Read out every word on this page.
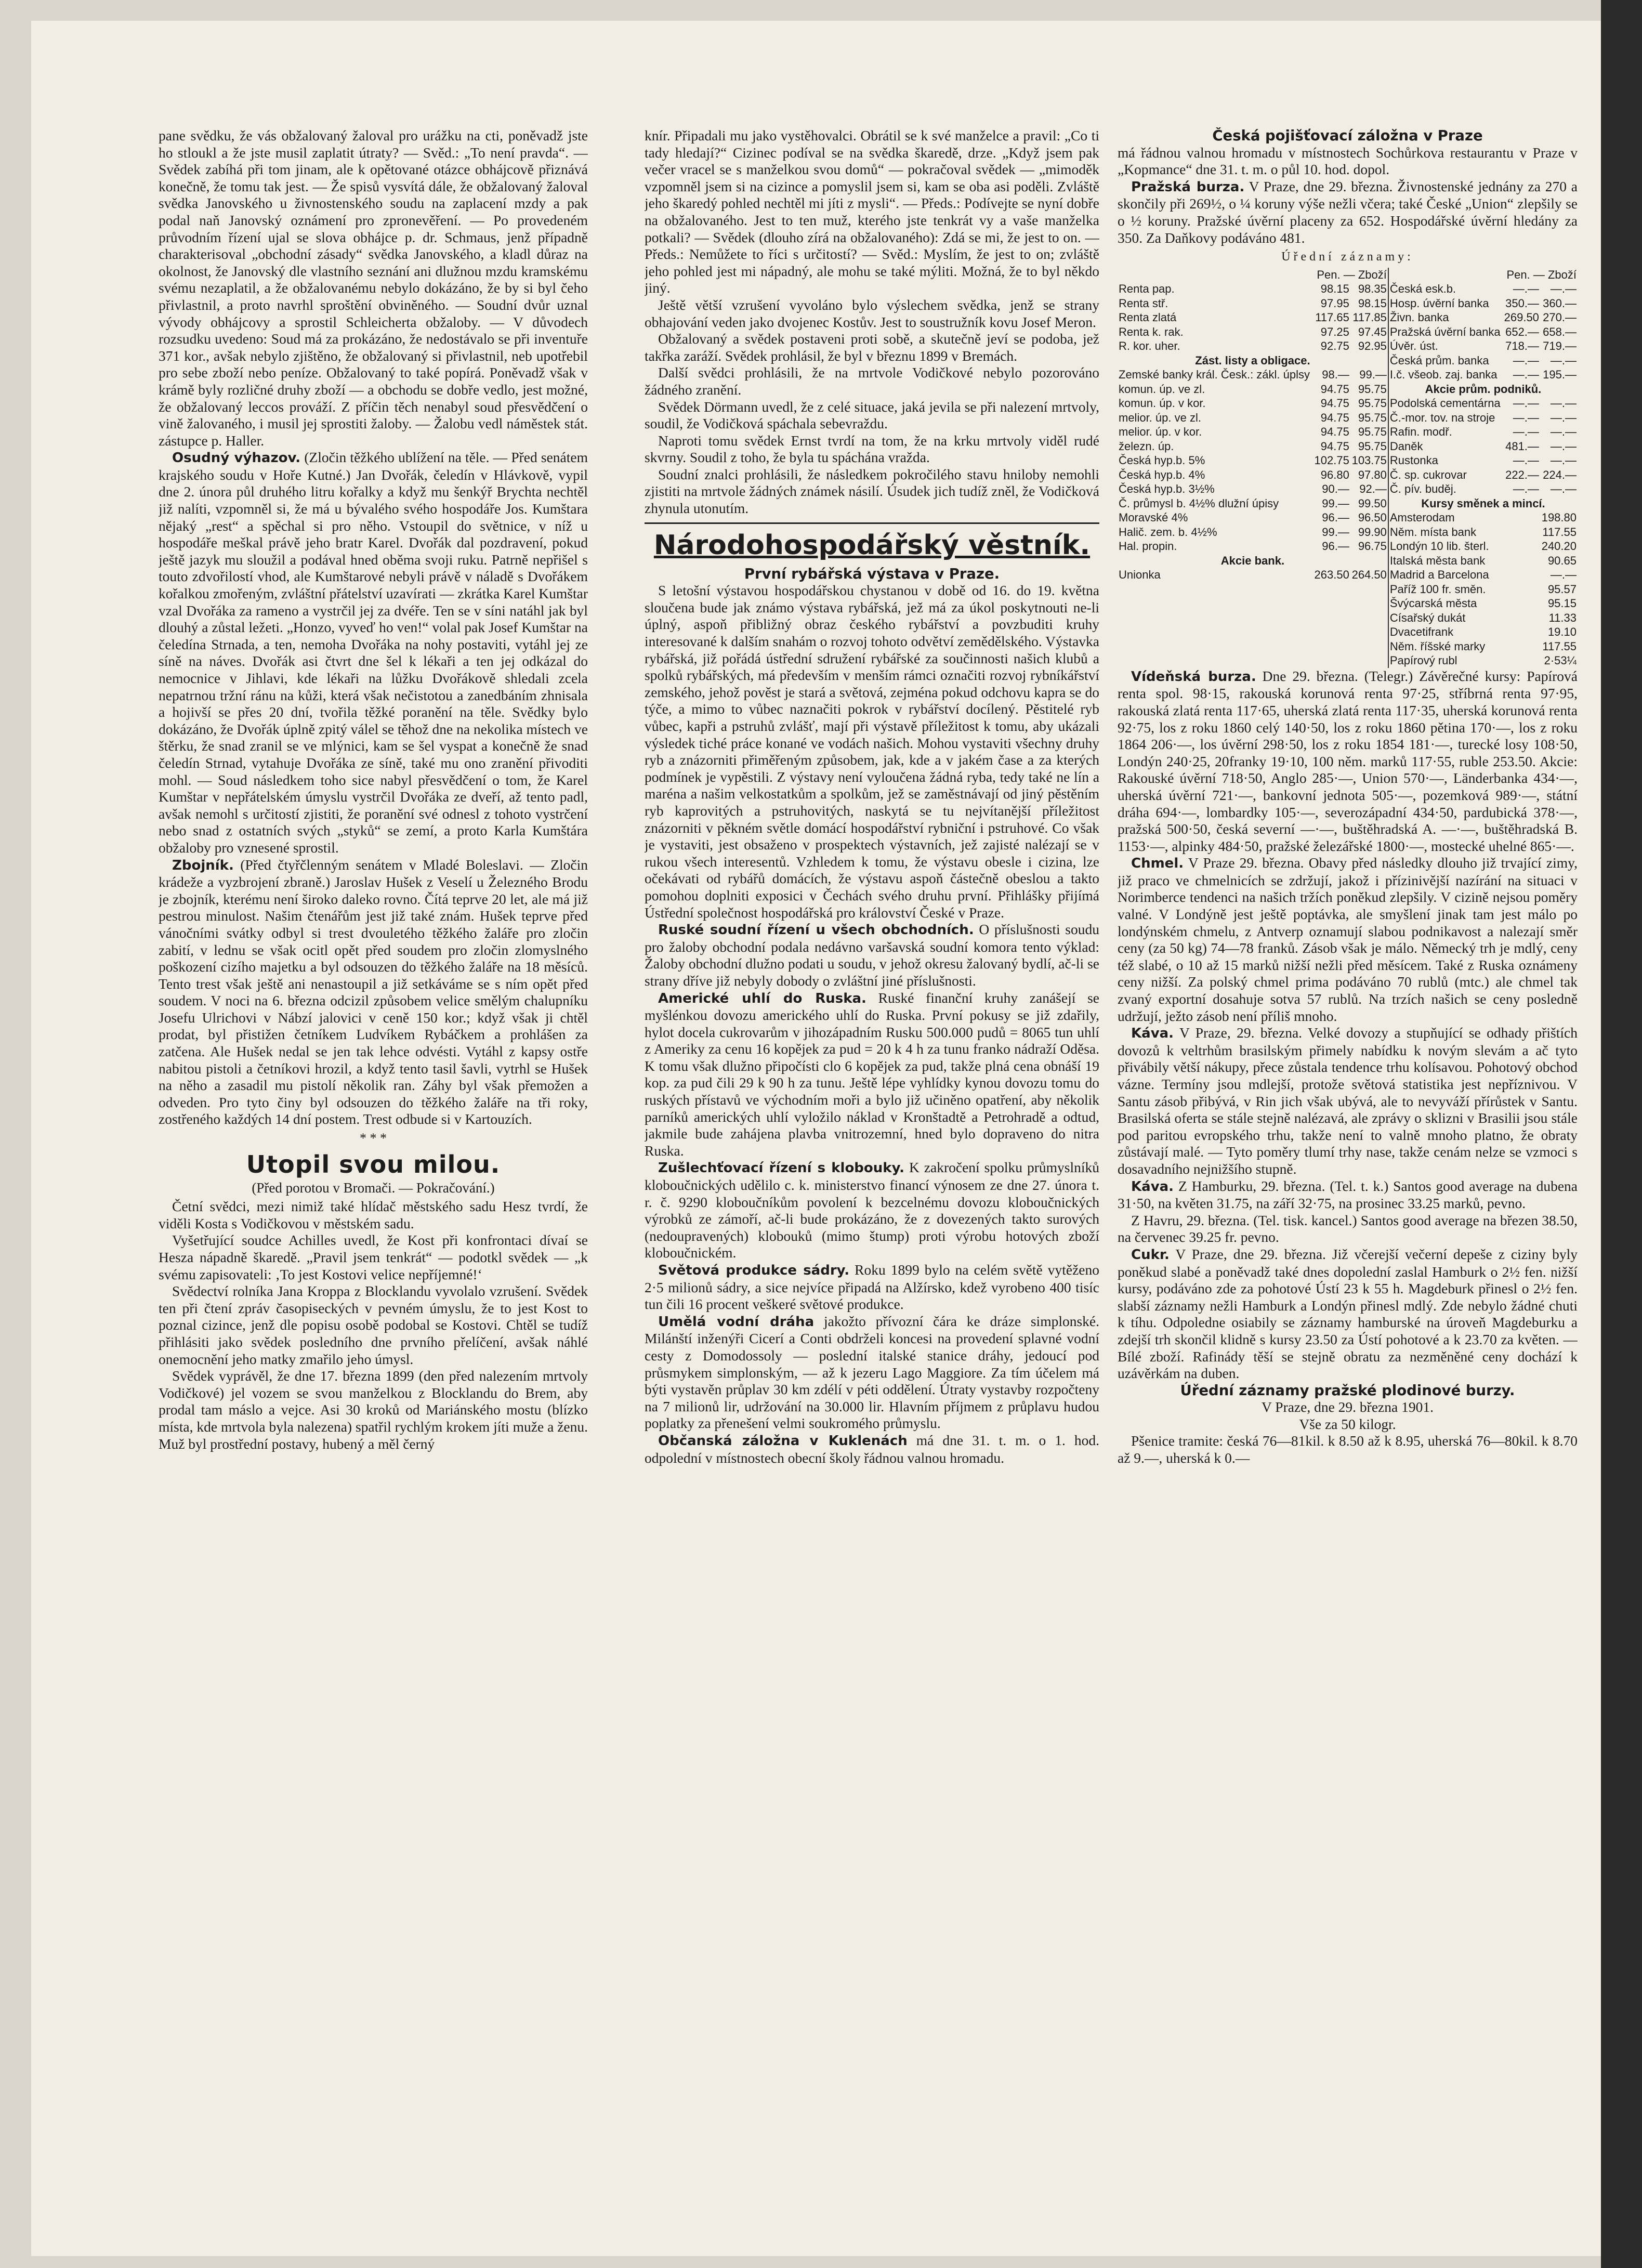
pane svědku, že vás obžalovaný žaloval pro urážku na cti, poněvadž jste ho stloukl a že jste musil zaplatit útraty? — Svěd.: „To není pravda“. — Svědek zabíhá při tom jinam, ale k opětované otázce obhájcově přiznává konečně, že tomu tak jest. — Že spisů vysvítá dále, že obžalovaný žaloval svědka Janovského u živnostenského soudu na zaplacení mzdy a pak podal naň Janovský oznámení pro zpronevěření. — Po provedeném průvodním řízení ujal se slova obhájce p. dr. Schmaus, jenž případně charakterisoval „obchodní zásady“ svědka Janovského, a kladl důraz na okolnost, že Janovský dle vlastního seznání ani dlužnou mzdu kramskému svému nezaplatil, a že obžalovanému nebylo dokázáno, že by si byl čeho přivlastnil, a proto navrhl sproštění obviněného. — Soudní dvůr uznal vývody obhájcovy a sprostil Schleicherta obžaloby. — V důvodech rozsudku uvedeno: Soud má za prokázáno, že nedostávalo se při inventuře 371 kor., avšak nebylo zjištěno, že obžalovaný si přivlastnil, neb upotřebil pro sebe zboží nebo peníze. Obžalovaný to také popírá. Poněvadž však v krámě byly rozličné druhy zboží — a obchodu se dobře vedlo, jest možné, že obžalovaný leccos prováží. Z příčin těch nenabyl soud přesvědčení o vině žalovaného, i musil jej sprostiti žaloby. — Žalobu vedl náměstek stát. zástupce p. Haller.

Osudný výhazov. (Zločin těžkého ublížení na těle. — Před senátem krajského soudu v Hoře Kutné.) Jan Dvořák, čeledín v Hlávkově, vypil dne 2. února půl druhého litru kořalky a když mu šenkýř Brychta nechtěl již nalíti, vzpomněl si, že má u bývalého svého hospodáře Jos. Kumštara nějaký „rest“ a spěchal si pro něho. Vstoupil do světnice, v níž u hospodáře meškal právě jeho bratr Karel. Dvořák dal pozdravení, pokud ještě jazyk mu sloužil a podával hned oběma svoji ruku. Patrně nepřišel s touto zdvořilostí vhod, ale Kumštarové nebyli právě v náladě s Dvořákem kořalkou zmořeným, zvláštní přátelství uzavírati — zkrátka Karel Kumštar vzal Dvořáka za rameno a vystrčil jej za dvéře. Ten se v síni natáhl jak byl dlouhý a zůstal ležeti. „Honzo, vyveď ho ven!“ volal pak Josef Kumštar na čeledína Strnada, a ten, nemoha Dvořáka na nohy postaviti, vytáhl jej ze síně na náves. Dvořák asi čtvrt dne šel k lékaři a ten jej odkázal do nemocnice v Jihlavi, kde lékaři na lůžku Dvořákově shledali zcela nepatrnou tržní ránu na kůži, která však nečistotou a zanedbáním zhnisala a hojivší se přes 20 dní, tvořila těžké poranění na těle. Svědky bylo dokázáno, že Dvořák úplně zpitý válel se těhož dne na nekolika místech ve štěrku, že snad zranil se ve mlýnici, kam se šel vyspat a konečně že snad čeledín Strnad, vytahuje Dvořáka ze síně, také mu ono zranění přivoditi mohl. — Soud následkem toho sice nabyl přesvědčení o tom, že Karel Kumštar v nepřátelském úmyslu vystrčil Dvořáka ze dveří, až tento padl, avšak nemohl s určitostí zjistiti, že poranění své odnesl z tohoto vystrčení nebo snad z ostatních svých „styků“ se zemí, a proto Karla Kumštára obžaloby pro vznesené sprostil.

Zbojník. (Před čtyřčlenným senátem v Mladé Boleslavi. — Zločin krádeže a vyzbrojení zbraně.) Jaroslav Hušek z Veselí u Železného Brodu je zbojník, kterému není široko daleko rovno. Čítá teprve 20 let, ale má již pestrou minulost. Našim čtenářům jest již také znám. Hušek teprve před vánočními svátky odbyl si trest dvouletého těžkého žaláře pro zločin zabití, v lednu se však ocitl opět před soudem pro zločin zlomyslného poškození cizího majetku a byl odsouzen do těžkého žaláře na 18 měsíců. Tento trest však ještě ani nenastoupil a již setkáváme se s ním opět před soudem. V noci na 6. března odcizil způsobem velice smělým chalupníku Josefu Ulrichovi v Nábzí jalovici v ceně 150 kor.; když však ji chtěl prodat, byl přistižen četníkem Ludvíkem Rybáčkem a prohlášen za zatčena. Ale Hušek nedal se jen tak lehce odvésti. Vytáhl z kapsy ostře nabitou pistoli a četníkovi hrozil, a když tento tasil šavli, vytrhl se Hušek na něho a zasadil mu pistolí několik ran. Záhy byl však přemožen a odveden. Pro tyto činy byl odsouzen do těžkého žaláře na tři roky, zostřeného každých 14 dní postem. Trest odbude si v Kartouzích.

* * *
Utopil svou milou.
(Před porotou v Bromači. — Pokračování.)

Četní svědci, mezi nimiž také hlídač městského sadu Hesz tvrdí, že viděli Kosta s Vodičkovou v městském sadu.

Vyšetřující soudce Achilles uvedl, že Kost při konfrontaci dívaí se Hesza nápadně škaredě. „Pravil jsem tenkrát“ — podotkl svědek — „k svému zapisovateli: ‚To jest Kostovi velice nepříjemné!‘

Svědectví rolníka Jana Kroppa z Blocklandu vyvolalo vzrušení. Svědek ten při čtení zpráv časopiseckých v pevném úmyslu, že to jest Kost to poznal cizince, jenž dle popisu osobě podobal se Kostovi. Chtěl se tudíž přihlásiti jako svědek posledního dne prvního přelíčení, avšak náhlé onemocnění jeho matky zmařilo jeho úmysl.

Svědek vyprávěl, že dne 17. března 1899 (den před nalezením mrtvoly Vodičkové) jel vozem se svou manželkou z Blocklandu do Brem, aby prodal tam máslo a vejce. Asi 30 kroků od Mariánského mostu (blízko místa, kde mrtvola byla nalezena) spatřil rychlým krokem jíti muže a ženu. Muž byl prostřední postavy, hubený a měl černý

knír. Připadali mu jako vystěhovalci. Obrátil se k své manželce a pravil: „Co ti tady hledají?“ Cizinec podíval se na svědka škaredě, drze. „Když jsem pak večer vracel se s manželkou svou domů“ — pokračoval svědek — „mimoděk vzpomněl jsem si na cizince a pomyslil jsem si, kam se oba asi poděli. Zvláště jeho škaredý pohled nechtěl mi jíti z mysli“. — Předs.: Podívejte se nyní dobře na obžalovaného. Jest to ten muž, kterého jste tenkrát vy a vaše manželka potkali? — Svědek (dlouho zírá na obžalovaného): Zdá se mi, že jest to on. — Předs.: Nemůžete to říci s určitostí? — Svěd.: Myslím, že jest to on; zvláště jeho pohled jest mi nápadný, ale mohu se také mýliti. Možná, že to byl někdo jiný.

Ještě větší vzrušení vyvoláno bylo výslechem svědka, jenž se strany obhajování veden jako dvojenec Kostův. Jest to soustružník kovu Josef Meron.

Obžalovaný a svědek postaveni proti sobě, a skutečně jeví se podoba, jež takřka zaráží. Svědek prohlásil, že byl v březnu 1899 v Bremách.

Další svědci prohlásili, že na mrtvole Vodičkové nebylo pozorováno žádného zranění.

Svědek Dörmann uvedl, že z celé situace, jaká jevila se při nalezení mrtvoly, soudil, že Vodičková spáchala sebevraždu.

Naproti tomu svědek Ernst tvrdí na tom, že na krku mrtvoly viděl rudé skvrny. Soudil z toho, že byla tu spáchána vražda.

Soudní znalci prohlásili, že následkem pokročilého stavu hniloby nemohli zjistiti na mrtvole žádných známek násilí. Úsudek jich tudíž zněl, že Vodičková zhynula utonutím.

Národohospodářský věstník.
První rybářská výstava v Praze.

S letošní výstavou hospodářskou chystanou v době od 16. do 19. května sloučena bude jak známo výstava rybářská, jež má za úkol poskytnouti ne-li úplný, aspoň přibližný obraz českého rybářství a povzbuditi kruhy interesované k dalším snahám o rozvoj tohoto odvětví zemědělského. Výstavka rybářská, již pořádá ústřední sdružení rybářské za součinnosti našich klubů a spolků rybářských, má především v menším rámci označiti rozvoj rybníkářství zemského, jehož pověst je stará a světová, zejména pokud odchovu kapra se do týče, a mimo to vůbec naznačiti pokrok v rybářství docílený. Pěstitelé ryb vůbec, kapři a pstruhů zvlášť, mají při výstavě příležitost k tomu, aby ukázali výsledek tiché práce konané ve vodách našich. Mohou vystaviti všechny druhy ryb a znázorniti přiměřeným způsobem, jak, kde a v jakém čase a za kterých podmínek je vypěstili. Z výstavy není vyloučena žádná ryba, tedy také ne lín a maréna a našim velkostatkům a spolkům, jež se zaměstnávají od jiný pěstěním ryb kaprovitých a pstruhovitých, naskytá se tu nejvítanější příležitost znázorniti v pěkném světle domácí hospodářství rybniční i pstruhové. Co však je vystaviti, jest obsaženo v prospektech výstavních, jež zajisté nalézají se v rukou všech interesentů. Vzhledem k tomu, že výstavu obesle i cizina, lze očekávati od rybářů domácích, že výstavu aspoň částečně obeslou a takto pomohou doplniti exposici v Čechách svého druhu první. Přihlášky přijímá Ústřední společnost hospodářská pro království České v Praze.

Ruské soudní řízení u všech obchodních. O příslušnosti soudu pro žaloby obchodní podala nedávno varšavská soudní komora tento výklad: Žaloby obchodní dlužno podati u soudu, v jehož okresu žalovaný bydlí, ač-li se strany dříve již nebyly dobody o zvláštní jiné příslušnosti.

Americké uhlí do Ruska. Ruské finanční kruhy zanášejí se myšlénkou dovozu amerického uhlí do Ruska. První pokusy se již zdařily, hylot docela cukrovarům v jihozápadním Rusku 500.000 pudů = 8065 tun uhlí z Ameriky za cenu 16 kopějek za pud = 20 k 4 h za tunu franko nádraží Oděsa. K tomu však dlužno připočísti clo 6 kopějek za pud, takže plná cena obnáší 19 kop. za pud čili 29 k 90 h za tunu. Ještě lépe vyhlídky kynou dovozu tomu do ruských přístavů ve východním moři a bylo již učiněno opatření, aby několik parníků amerických uhlí vyložilo náklad v Kronštadtě a Petrohradě a odtud, jakmile bude zahájena plavba vnitrozemní, hned bylo dopraveno do nitra Ruska.

Zušlechťovací řízení s klobouky. K zakročení spolku průmyslníků kloboučnických udělilo c. k. ministerstvo financí výnosem ze dne 27. února t. r. č. 9290 kloboučníkům povolení k bezcelnému dovozu kloboučnických výrobků ze zámoří, ač-li bude prokázáno, že z dovezených takto surových (nedoupravených) klobouků (mimo štump) proti výrobu hotových zboží kloboučnickém.

Světová produkce sádry. Roku 1899 bylo na celém světě vytěženo 2·5 milionů sádry, a sice nejvíce připadá na Alžírsko, kdež vyrobeno 400 tisíc tun čili 16 procent veškeré světové produkce.

Umělá vodní dráha jakožto přívozní čára ke dráze simplonské. Milánští inženýři Cicerí a Conti obdrželi koncesi na provedení splavné vodní cesty z Domodossoly — poslední italské stanice dráhy, jedoucí pod průsmykem simplonským, — až k jezeru Lago Maggiore. Za tím účelem má býti vystavěn průplav 30 km zdélí v péti oddělení. Útraty vystavby rozpočteny na 7 milionů lir, udržování na 30.000 lir. Hlavním příjmem z průplavu hudou poplatky za přenešení velmi soukromého průmyslu.

Občanská záložna v Kuklenách má dne 31. t. m. o 1. hod. odpolední v místnostech obecní školy řádnou valnou hromadu.

Česká pojišťovací záložna v Praze

má řádnou valnou hromadu v místnostech Sochůrkova restaurantu v Praze v „Kopmance“ dne 31. t. m. o půl 10. hod. dopol.

Pražská burza. V Praze, dne 29. března. Živnostenské jednány za 270 a skončily při 269½, o ¼ koruny výše nežli včera; také České „Union“ zlepšily se o ½ koruny. Pražské úvěrní placeny za 652. Hospodářské úvěrní hledány za 350. Za Daňkovy podáváno 481.

Úřední záznamy:
	Pen. — Zboží			Pen. — Zboží	
Renta pap.	98.15	98.35	Česká esk.b.	—.—	—.—
Renta stř.	97.95	98.15	Hosp. úvěrní banka	350.—	360.—
Renta zlatá	117.65	117.85	Živn. banka	269.50	270.—
Renta k. rak.	97.25	97.45	Pražská úvěrní banka	652.—	658.—
R. kor. uher.	92.75	92.95	Úvěr. úst.	718.—	719.—
Zást. listy a obligace.			Česká prům. banka	—.—	—.—
Zemské banky král. Česk.: zákl. úplsy	98.—	99.—	I.č. všeob. zaj. banka	—.—	195.—
komun. úp. ve zl.	94.75	95.75	Akcie prům. podniků.		
komun. úp. v kor.	94.75	95.75	Podolská cementárna	—.—	—.—
melior. úp. ve zl.	94.75	95.75	Č.-mor. tov. na stroje	—.—	—.—
melior. úp. v kor.	94.75	95.75	Rafin. modř.	—.—	—.—
železn. úp.	94.75	95.75	Daněk	481.—	—.—
Česká hyp.b. 5%	102.75	103.75	Rustonka	—.—	—.—
Česká hyp.b. 4%	96.80	97.80	Č. sp. cukrovar	222.—	224.—
Česká hyp.b. 3½%	90.—	92.—	Č. pív. buděj.	—.—	—.—
Č. průmysl b. 4½% dlužní úpisy	99.—	99.50	Kursy směnek a mincí.		
Moravské 4%	96.—	96.50	Amsterodam		198.80
Halič. zem. b. 4½%	99.—	99.90	Něm. místa bank		117.55
Hal. propin.	96.—	96.75	Londýn 10 lib. šterl.		240.20
Akcie bank.			Italská města bank		90.65
Unionka	263.50	264.50	Madrid a Barcelona		—.—
			Paříž 100 fr. směn.		95.57
			Švýcarská města		95.15
			Císařský dukát		11.33
			Dvacetifrank		19.10
			Něm. říšské marky		117.55
			Papírový rubl		2·53¼

Vídeňská burza. Dne 29. března. (Telegr.) Závěrečné kursy: Papírová renta spol. 98·15, rakouská korunová renta 97·25, stříbrná renta 97·95, rakouská zlatá renta 117·65, uherská zlatá renta 117·35, uherská korunová renta 92·75, los z roku 1860 celý 140·50, los z roku 1860 pětina 170·—, los z roku 1864 206·—, los úvěrní 298·50, los z roku 1854 181·—, turecké losy 108·50, Londýn 240·25, 20franky 19·10, 100 něm. marků 117·55, ruble 253.50. Akcie: Rakouské úvěrní 718·50, Anglo 285·—, Union 570·—, Länderbanka 434·—, uherská úvěrní 721·—, bankovní jednota 505·—, pozemková 989·—, státní dráha 694·—, lombardky 105·—, severozápadní 434·50, pardubická 378·—, pražská 500·50, česká severní —·—, buštěhradská A. —·—, buštěhradská B. 1153·—, alpinky 484·50, pražské železářské 1800·—, mostecké uhelné 865·—.

Chmel. V Praze 29. března. Obavy před následky dlouho již trvající zimy, již praco ve chmelnicích se zdržují, jakož i přízinivější nazírání na situaci v Norimberce tendenci na našich tržích poněkud zlepšily. V cizině nejsou poměry valné. V Londýně jest ještě poptávka, ale smyšlení jinak tam jest málo po londýnském chmelu, z Antverp oznamují slabou podnikavost a nalezají směr ceny (za 50 kg) 74—78 franků. Zásob však je málo. Německý trh je mdlý, ceny též slabé, o 10 až 15 marků nižší nežli před měsícem. Také z Ruska oznámeny ceny nižší. Za polský chmel prima podáváno 70 rublů (mtc.) ale chmel tak zvaný exportní dosahuje sotva 57 rublů. Na trzích našich se ceny posledně udržují, ježto zásob není příliš mnoho.

Káva. V Praze, 29. března. Velké dovozy a stupňující se odhady přištích dovozů k veltrhům brasilským přimely nabídku k novým slevám a ač tyto přivábily větší nákupy, přece zůstala tendence trhu kolísavou. Pohotový obchod vázne. Termíny jsou mdlejší, protože světová statistika jest nepříznivou. V Santu zásob přibývá, v Rin jich však ubývá, ale to nevyváží přírůstek v Santu. Brasilská oferta se stále stejně nalézavá, ale zprávy o sklizni v Brasilii jsou stále pod paritou evropského trhu, takže není to valně mnoho platno, že obraty zůstávají malé. — Tyto poměry tlumí trhy nase, takže cenám nelze se vzmoci s dosavadního nejnižšího stupně.

Káva. Z Hamburku, 29. března. (Tel. t. k.) Santos good average na dubena 31·50, na květen 31.75, na září 32·75, na prosinec 33.25 marků, pevno.

Z Havru, 29. března. (Tel. tisk. kancel.) Santos good average na březen 38.50, na červenec 39.25 fr. pevno.

Cukr. V Praze, dne 29. března. Již včerejší večerní depeše z ciziny byly poněkud slabé a poněvadž také dnes dopolední zaslal Hamburk o 2½ fen. nižší kursy, podáváno zde za pohotové Ústí 23 k 55 h. Magdeburk přinesl o 2½ fen. slabší záznamy nežli Hamburk a Londýn přinesl mdlý. Zde nebylo žádné chuti k tíhu. Odpoledne osiabily se záznamy hamburské na úroveň Magdeburku a zdejší trh skončil klidně s kursy 23.50 za Ústí pohotové a k 23.70 za květen. — Bílé zboží. Rafinády těší se stejně obratu za nezměněné ceny dochází k uzávěrkám na duben.

Úřední záznamy pražské plodinové burzy.
V Praze, dne 29. března 1901.
Vše za 50 kilogr.

Pšenice tramite: česká 76—81kil. k 8.50 až k 8.95, uherská 76—80kil. k 8.70 až 9.—, uherská k 0.—
